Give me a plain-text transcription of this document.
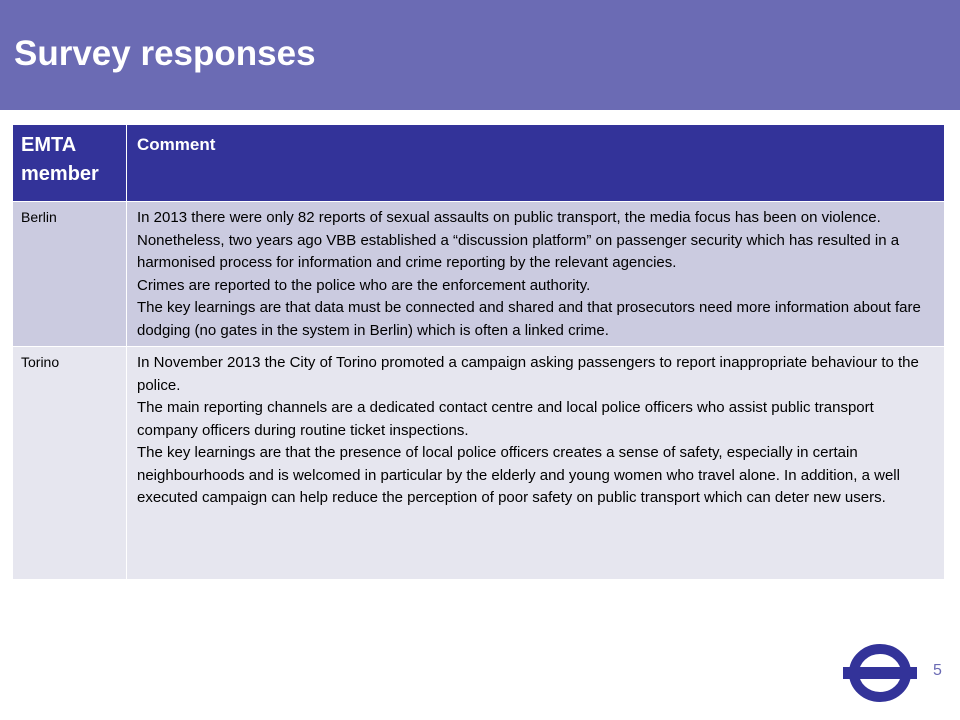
Survey responses
EMTA member	Comment
Berlin	In 2013 there were only 82 reports of sexual assaults on public transport, the media focus has been on violence.

Nonetheless, two years ago VBB established a “discussion platform” on passenger security which has resulted in a harmonised process for information and crime reporting by the relevant agencies.

Crimes are reported to the police who are the enforcement authority.

The key learnings are that data must be connected and shared and that prosecutors need more information about fare dodging (no gates in the system in Berlin) which is often a linked crime.

Torino	In November 2013 the City of Torino promoted a campaign asking passengers to report inappropriate behaviour to the police.

The main reporting channels are a dedicated contact centre and local police officers who assist public transport company officers during routine ticket inspections.

The key learnings are that the presence of local police officers creates a sense of safety, especially in certain neighbourhoods and is welcomed in particular by the elderly and young women who travel alone. In addition, a well executed campaign can help reduce the perception of poor safety on public transport which can deter new users.

5
